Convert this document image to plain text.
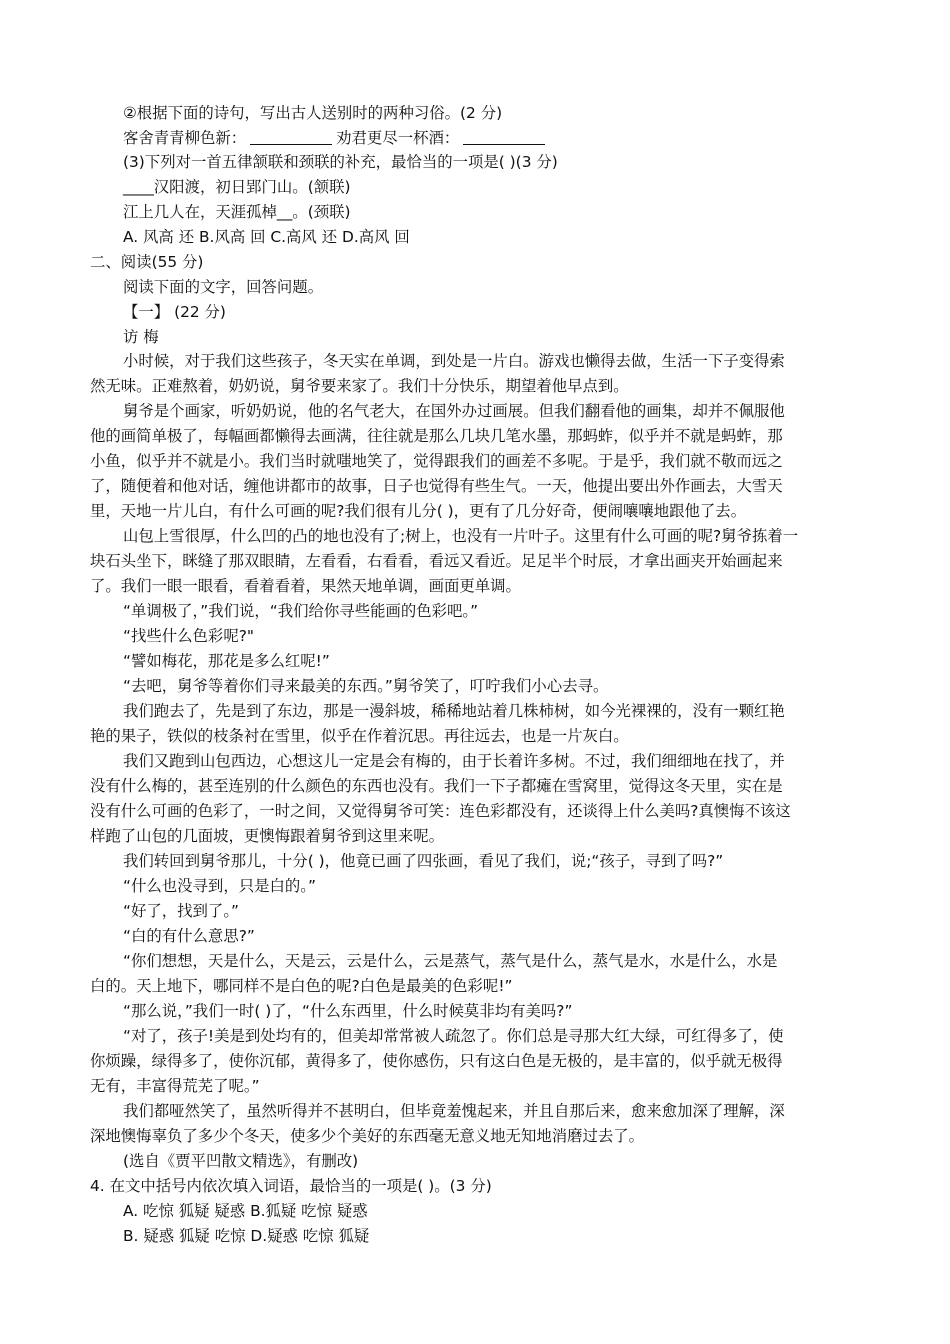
②根据下面的诗句，写出古人送别时的两种习俗。(2 分)
客舍青青柳色新：	劝君更尽一杯酒：
(3)下列对一首五律颔联和颈联的补充，最恰当的一项是( )(3 分)
____汉阳渡，初日郢门山。(颔联)
江上几人在，天涯孤棹__。(颈联)
A. 风高 还 B.风高 回 C.高风 还 D.高风 回
二、阅读(55 分)
阅读下面的文字，回答问题。
【一】 (22 分)
访 梅
小时候，对于我们这些孩子，冬天实在单调，到处是一片白。游戏也懒得去做，生活一下子变得索
然无味。正难熬着，奶奶说，舅爷要来家了。我们十分快乐，期望着他早点到。
舅爷是个画家，听奶奶说，他的名气老大，在国外办过画展。但我们翻看他的画集，却并不佩服他
他的画简单极了，每幅画都懒得去画满，往往就是那么几块几笔水墨，那蚂蚱，似乎并不就是蚂蚱，那
小鱼，似乎并不就是小。我们当时就嗤地笑了，觉得跟我们的画差不多呢。于是乎，我们就不敬而远之
了，随便着和他对话，缠他讲都市的故事，日子也觉得有些生气。一天，他提出要出外作画去，大雪天
里，天地一片儿白，有什么可画的呢?我们很有儿分( )，更有了几分好奇，便闹嚷嚷地跟他了去。
山包上雪很厚，什么凹的凸的地也没有了;树上，也没有一片叶子。这里有什么可画的呢?舅爷拣着一
块石头坐下，眯缝了那双眼睛，左看看，右看看，看远又看近。足足半个时辰，才拿出画夹开始画起来
了。我们一眼一眼看，看着看着，果然天地单调，画面更单调。
“单调极了，”我们说，“我们给你寻些能画的色彩吧。”
“找些什么色彩呢?"
“譬如梅花，那花是多么红呢!”
“去吧，舅爷等着你们寻来最美的东西。”舅爷笑了，叮咛我们小心去寻。
我们跑去了，先是到了东边，那是一漫斜坡，稀稀地站着几株柿树，如今光裸裸的，没有一颗红艳
艳的果子，铁似的枝条衬在雪里，似乎在作着沉思。再往远去，也是一片灰白。
我们又跑到山包西边，心想这儿一定是会有梅的，由于长着许多树。不过，我们细细地在找了，并
没有什么梅的，甚至连别的什么颜色的东西也没有。我们一下子都瘫在雪窝里，觉得这冬天里，实在是
没有什么可画的色彩了，一时之间，又觉得舅爷可笑：连色彩都没有，还谈得上什么美吗?真懊悔不该这
样跑了山包的几面坡，更懊悔跟着舅爷到这里来呢。
我们转回到舅爷那儿，十分( )，他竟已画了四张画，看见了我们，说;“孩子，寻到了吗?”
“什么也没寻到，只是白的。”
“好了，找到了。”
“白的有什么意思?”
“你们想想，天是什么，天是云，云是什么，云是蒸气，蒸气是什么，蒸气是水，水是什么，水是
白的。天上地下，哪同样不是白色的呢?白色是最美的色彩呢!”
“那么说，”我们一时( )了，“什么东西里，什么时候莫非均有美吗?”
“对了，孩子!美是到处均有的，但美却常常被人疏忽了。你们总是寻那大红大绿，可红得多了，使
你烦躁，绿得多了，使你沉郁，黄得多了，使你感伤，只有这白色是无极的，是丰富的，似乎就无极得
无有，丰富得荒芜了呢。”
我们都哑然笑了，虽然听得并不甚明白，但毕竟羞愧起来，并且自那后来，愈来愈加深了理解，深
深地懊悔辜负了多少个冬天，使多少个美好的东西毫无意义地无知地消磨过去了。
(选自《贾平凹散文精选》，有删改)
4. 在文中括号内依次填入词语，最恰当的一项是( )。(3 分)
A. 吃惊 狐疑 疑惑 B.狐疑 吃惊 疑惑
B. 疑惑 狐疑 吃惊 D.疑惑 吃惊 狐疑
